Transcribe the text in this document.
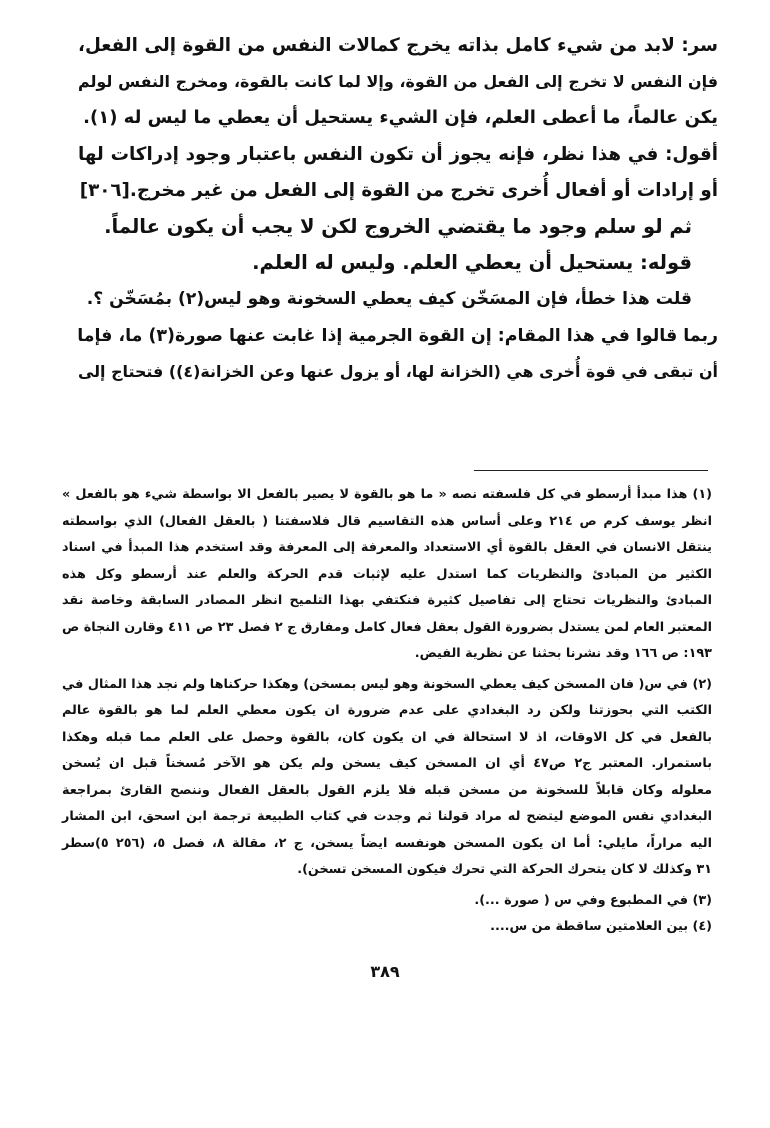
سر: لابد من شيء كامل بذاته يخرج كمالات النفس من القوة إلى الفعل،
فإن النفس لا تخرج إلى الفعل من القوة، وإلا لما كانت بالقوة، ومخرج النفس لولم
يكن عالماً، ما أعطى العلم، فإن الشيء يستحيل أن يعطي ما ليس له (١).
أقول: في هذا نظر، فإنه يجوز أن تكون النفس باعتبار وجود إدراكات لها
أو إرادات أو أفعال أُخرى تخرج من القوة إلى الفعل من غير مخرج.[٣٠٦]
ثم لو سلم وجود ما يقتضي الخروج لكن لا يجب أن يكون عالماً.
قوله: يستحيل أن يعطي العلم. وليس له العلم.
قلت هذا خطأ، فإن المسَخّن كيف يعطي السخونة وهو ليس(٢) بمُسَخّن ؟.
ربما قالوا في هذا المقام: إن القوة الجرمية إذا غابت عنها صورة(٣) ما، فإما
أن تبقى في قوة أُخرى هي (الخزانة لها، أو يزول عنها وعن الخزانة(٤)) فتحتاج إلى
(١) هذا مبدأ أرسطو في كل فلسفته نصه « ما هو بالقوة لا يصير بالفعل الا بواسطة شيء هو بالفعل »
انظر يوسف كرم ص ٢١٤ وعلى أساس هذه التقاسيم قال فلاسفتنا ( بالعقل الفعال) الذي بواسطته
ينتقل الانسان في العقل بالقوة أي الاستعداد والمعرفة إلى المعرفة وقد استخدم هذا المبدأ في اسناد
الكثير من المبادئ والنظريات كما استدل عليه لإثبات قدم الحركة والعلم عند أرسطو وكل هذه
المبادئ والنظريات تحتاج إلى تفاصيل كثيرة فنكتفي بهذا التلميح انظر المصادر السابقة وخاصة نقد
المعتبر العام لمن يستدل بضرورة القول بعقل فعال كامل ومفارق ج ٢ فصل ٢٣ ص ٤١١ وقارن النجاة ص
١٩٣: ص ١٦٦ وقد نشرنا بحثنا عن نظرية الفيض.
(٢) في س( فان المسخن كيف يعطي السخونة وهو ليس بمسخن) وهكذا حركناها ولم نجد هذا المثال في
الكتب التي بحوزتنا ولكن رد البغدادي على عدم ضرورة ان يكون معطي العلم لما هو بالقوة عالم
بالفعل في كل الاوقات، اذ لا استحالة في ان يكون كان، بالقوة وحصل على العلم مما قبله وهكذا
باستمرار. المعتبر ج٢ ص٤٧ أي ان المسخن كيف يسخن ولم يكن هو الآخر مُسخناً قبل ان يُسخن
معلوله وكان قابلاً للسخونة من مسخن قبله فلا يلزم القول بالعقل الفعال وننصح القارئ بمراجعة
البغدادي نفس الموضع ليتضح له مراد قولنا ثم وجدت في كتاب الطبيعة ترجمة ابن اسحق، ابن المشار
اليه مراراً، مايلي: أما ان يكون المسخن هونفسه ايضاً يسخن، ج ٢، مقالة ٨، فصل ٥، (٢٥٦ ٥)سطر
٣١ وكذلك لا كان يتحرك الحركة التي تحرك فيكون المسخن تسخن).
(٣) في المطبوع وفي س ( صورة ...).
(٤) بين العلامتين ساقطة من س....
٣٨٩
